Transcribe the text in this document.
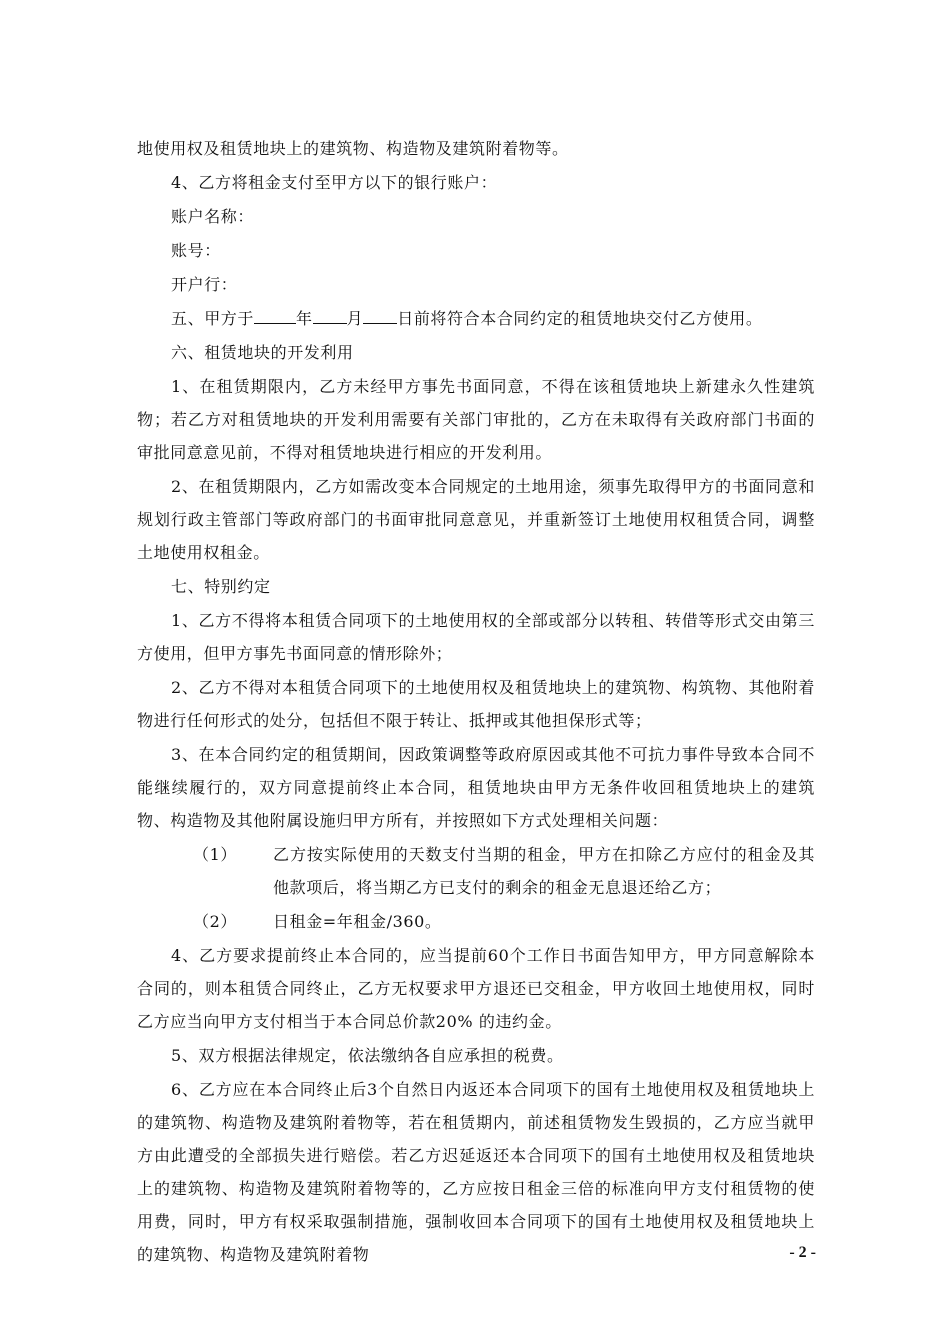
地使用权及租赁地块上的建筑物、构造物及建筑附着物等。

4、乙方将租金支付至甲方以下的银行账户：

账户名称：

账号：

开户行：

五、甲方于	年 月 日前将符合本合同约定的租赁地块交付乙方使用。

六、租赁地块的开发利用

1、在租赁期限内，乙方未经甲方事先书面同意，不得在该租赁地块上新建永久性建筑物；若乙方对租赁地块的开发利用需要有关部门审批的，乙方在未取得有关政府部门书面的审批同意意见前，不得对租赁地块进行相应的开发利用。

2、在租赁期限内，乙方如需改变本合同规定的土地用途，须事先取得甲方的书面同意和规划行政主管部门等政府部门的书面审批同意意见，并重新签订土地使用权租赁合同，调整土地使用权租金。

七、特别约定

1、乙方不得将本租赁合同项下的土地使用权的全部或部分以转租、转借等形式交由第三方使用，但甲方事先书面同意的情形除外；

2、乙方不得对本租赁合同项下的土地使用权及租赁地块上的建筑物、构筑物、其他附着物进行任何形式的处分，包括但不限于转让、抵押或其他担保形式等；

3、在本合同约定的租赁期间，因政策调整等政府原因或其他不可抗力事件导致本合同不能继续履行的，双方同意提前终止本合同，租赁地块由甲方无条件收回租赁地块上的建筑物、构造物及其他附属设施归甲方所有，并按照如下方式处理相关问题：

（1）	乙方按实际使用的天数支付当期的租金，甲方在扣除乙方应付的租金及其他款项后，将当期乙方已支付的剩余的租金无息退还给乙方；
（2）	日租金=年租金/360。

4、乙方要求提前终止本合同的，应当提前60个工作日书面告知甲方，甲方同意解除本合同的，则本租赁合同终止，乙方无权要求甲方退还已交租金，甲方收回土地使用权，同时乙方应当向甲方支付相当于本合同总价款20% 的违约金。

5、双方根据法律规定，依法缴纳各自应承担的税费。

6、乙方应在本合同终止后3个自然日内返还本合同项下的国有土地使用权及租赁地块上的建筑物、构造物及建筑附着物等，若在租赁期内，前述租赁物发生毁损的，乙方应当就甲方由此遭受的全部损失进行赔偿。若乙方迟延返还本合同项下的国有土地使用权及租赁地块上的建筑物、构造物及建筑附着物等的，乙方应按日租金三倍的标准向甲方支付租赁物的使用费，同时，甲方有权采取强制措施，强制收回本合同项下的国有土地使用权及租赁地块上的建筑物、构造物及建筑附着物	- 2 -
